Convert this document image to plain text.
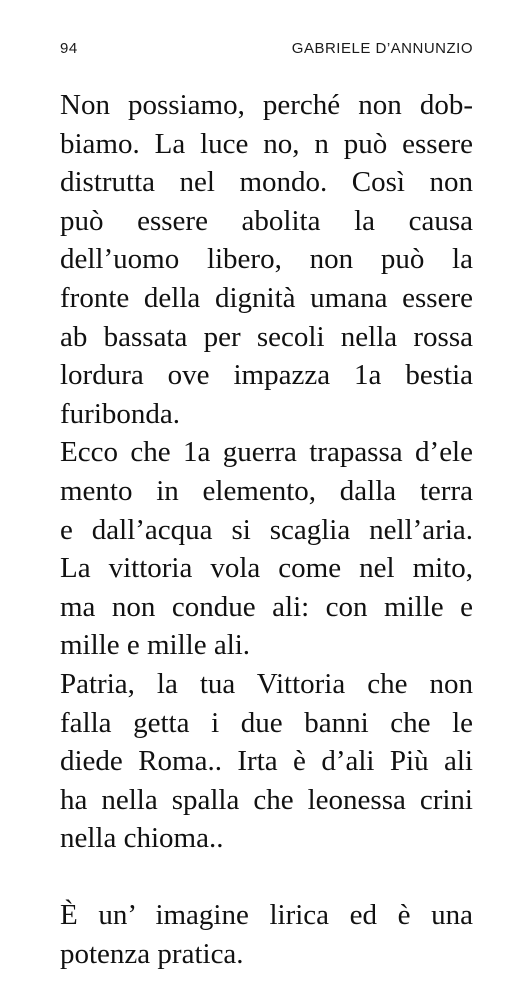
94	GABRIELE D’ANNUNZIO
Non possiamo, perché non dob-
biamo. La luce no, n può essere
distrutta nel mondo. Così non
può essere abolita la causa
dell’uomo libero, non può la
fronte della dignità umana essere
ab bassata per secoli nella rossa
lordura ove impazza 1a bestia
furibonda.
Ecco che 1a guerra trapassa d’ele
mento in elemento, dalla terra
e dall’acqua si scaglia nell’aria.
La vittoria vola come nel mito,
ma non condue ali: con mille e
mille e mille ali.
Patria, la tua Vittoria che non
falla getta i due banni che le
diede Roma.. Irta è d’ali Più ali
ha nella spalla che leonessa crini
nella chioma..
È un’ imagine lirica ed è una
potenza pratica.
